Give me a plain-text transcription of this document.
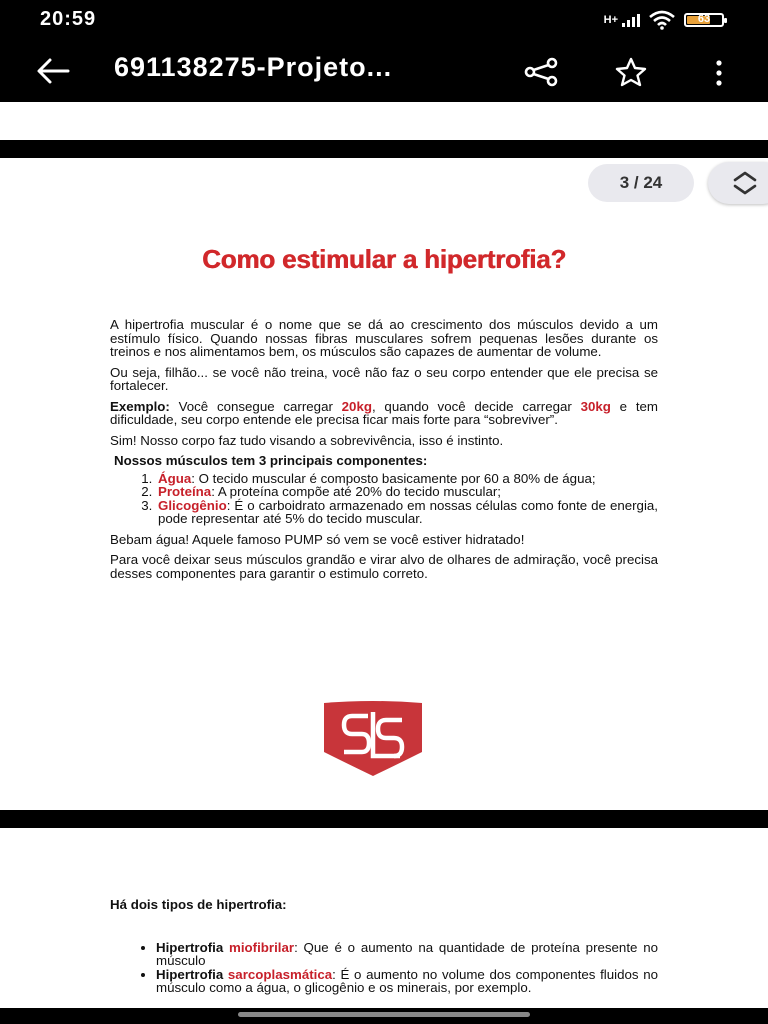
20:59	H+	63
691138275-Projeto...
3 / 24
Como estimular a hipertrofia?

A hipertrofia muscular é o nome que se dá ao crescimento dos músculos devido a um estímulo físico. Quando nossas fibras musculares sofrem pequenas lesões durante os treinos e nos alimentamos bem, os músculos são capazes de aumentar de volume.

Ou seja, filhão... se você não treina, você não faz o seu corpo entender que ele precisa se fortalecer.

Exemplo: Você consegue carregar 20kg, quando você decide carregar 30kg e tem dificuldade, seu corpo entende ele precisa ficar mais forte para “sobreviver”.

Sim! Nosso corpo faz tudo visando a sobrevivência, isso é instinto.

Nossos músculos tem 3 principais componentes:

1. Água: O tecido muscular é composto basicamente por 60 a 80% de água;
2. Proteína: A proteína compõe até 20% do tecido muscular;
3. Glicogênio: É o carboidrato armazenado em nossas células como fonte de energia, pode representar até 5% do tecido muscular.

Bebam água! Aquele famoso PUMP só vem se você estiver hidratado!

Para você deixar seus músculos grandão e virar alvo de olhares de admiração, você precisa desses componentes para garantir o estimulo correto.

Há dois tipos de hipertrofia:

• Hipertrofia miofibrilar: Que é o aumento na quantidade de proteína presente no músculo
• Hipertrofia sarcoplasmática: É o aumento no volume dos componentes fluidos no músculo como a água, o glicogênio e os minerais, por exemplo.
